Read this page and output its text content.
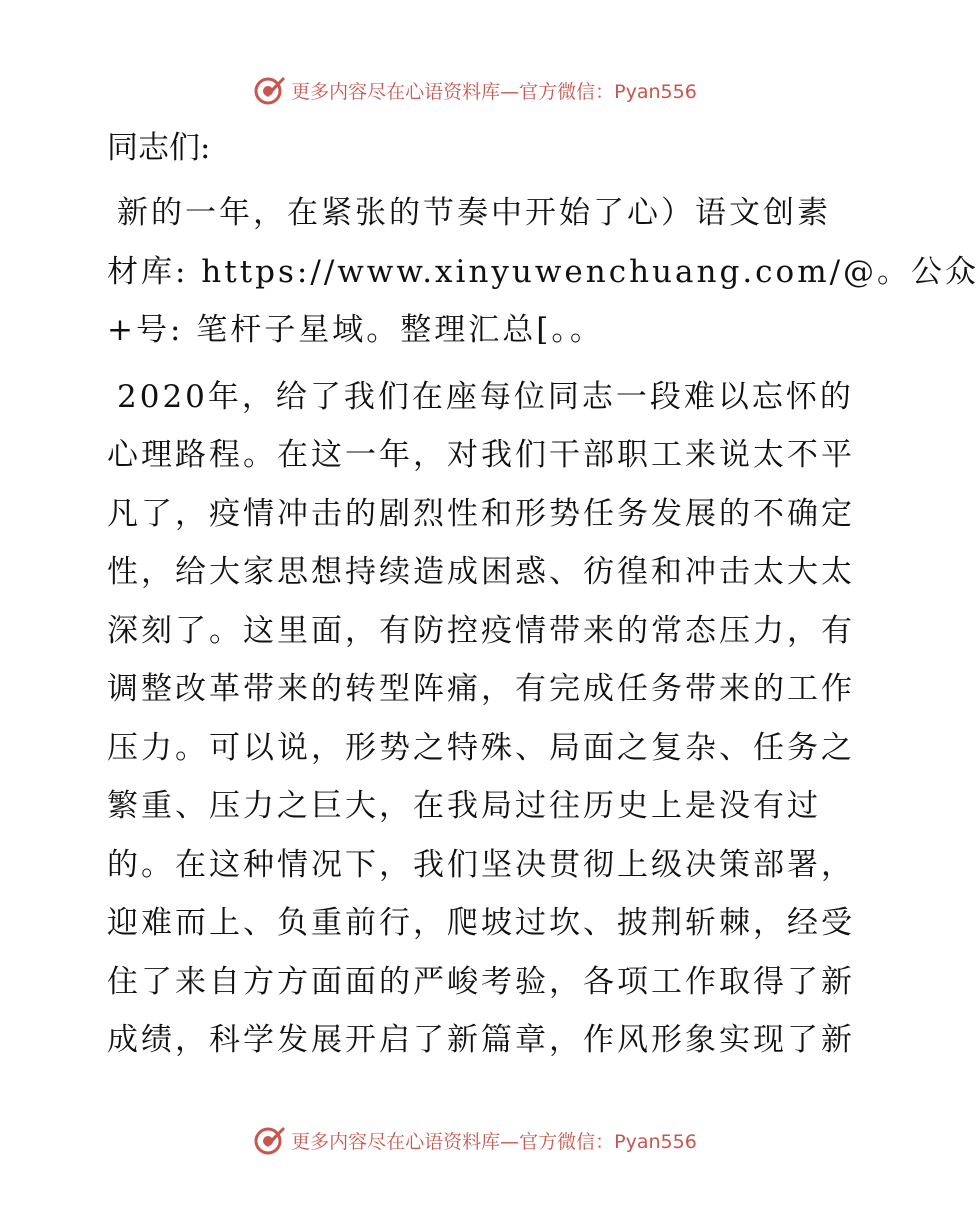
更多内容尽在心语资料库—官方微信：Pyan556
同志们:
新的一年，在紧张的节奏中开始了心）语文创素
材库: https://www.xinyuwenchuang.com/@。公众
+号: 笔杆子星域。整理汇总[。。
2020年，给了我们在座每位同志一段难以忘怀的
心理路程。在这一年，对我们干部职工来说太不平
凡了，疫情冲击的剧烈性和形势任务发展的不确定
性，给大家思想持续造成困惑、彷徨和冲击太大太
深刻了。这里面，有防控疫情带来的常态压力，有
调整改革带来的转型阵痛，有完成任务带来的工作
压力。可以说，形势之特殊、局面之复杂、任务之
繁重、压力之巨大，在我局过往历史上是没有过
的。在这种情况下，我们坚决贯彻上级决策部署，
迎难而上、负重前行，爬坡过坎、披荆斩棘，经受
住了来自方方面面的严峻考验，各项工作取得了新
成绩，科学发展开启了新篇章，作风形象实现了新
更多内容尽在心语资料库—官方微信：Pyan556
